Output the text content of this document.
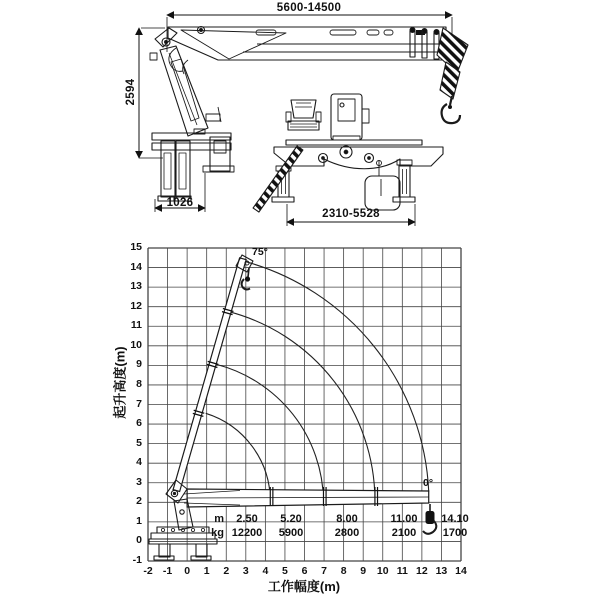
5600-14500
2594
1026
2310-5528
75°
0°
工作幅度(m)
起升高度(m)
-2 -1	0	1	2	3	4	5	6	7	8	9	10 11 12 13 14
15
14
13
12
11
10
9
8
7
6
5
4
3
2
1
0
-1
m
kg
2.50	5.20	8.00	11.00	14.10
12200	5900	2800	2100	1700
